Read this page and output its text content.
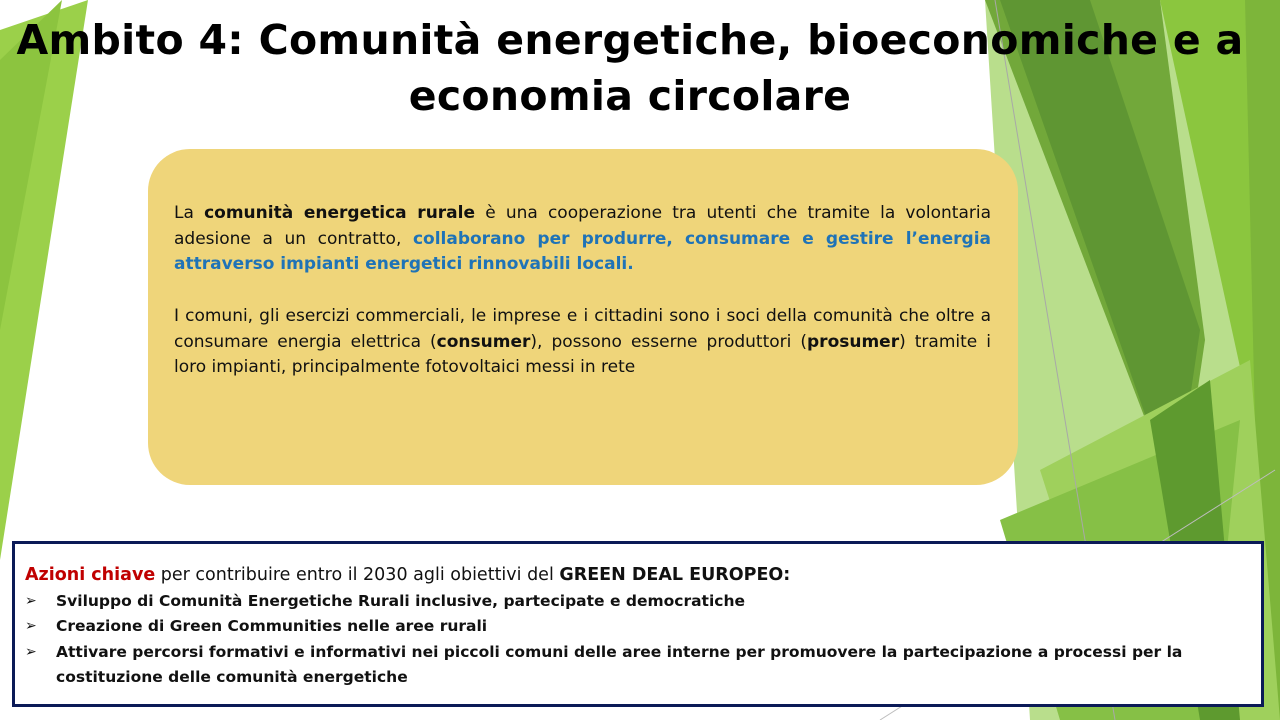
Ambito 4: Comunità energetiche, bioeconomiche e a
economia circolare
La comunità energetica rurale è una cooperazione tra utenti che tramite la volontaria adesione a un contratto, collaborano per produrre, consumare e gestire l’energia attraverso impianti energetici rinnovabili locali.
I comuni, gli esercizi commerciali, le imprese e i cittadini sono i soci della comunità che oltre a consumare energia elettrica (consumer), possono esserne produttori (prosumer) tramite i loro impianti, principalmente fotovoltaici messi in rete
Azioni chiave per contribuire entro il 2030 agli obiettivi del GREEN DEAL EUROPEO:
➢	Sviluppo di Comunità Energetiche Rurali inclusive, partecipate e democratiche
➢	Creazione di Green Communities nelle aree rurali
➢	Attivare percorsi formativi e informativi nei piccoli comuni delle aree interne per promuovere la partecipazione a processi per la costituzione delle comunità energetiche
